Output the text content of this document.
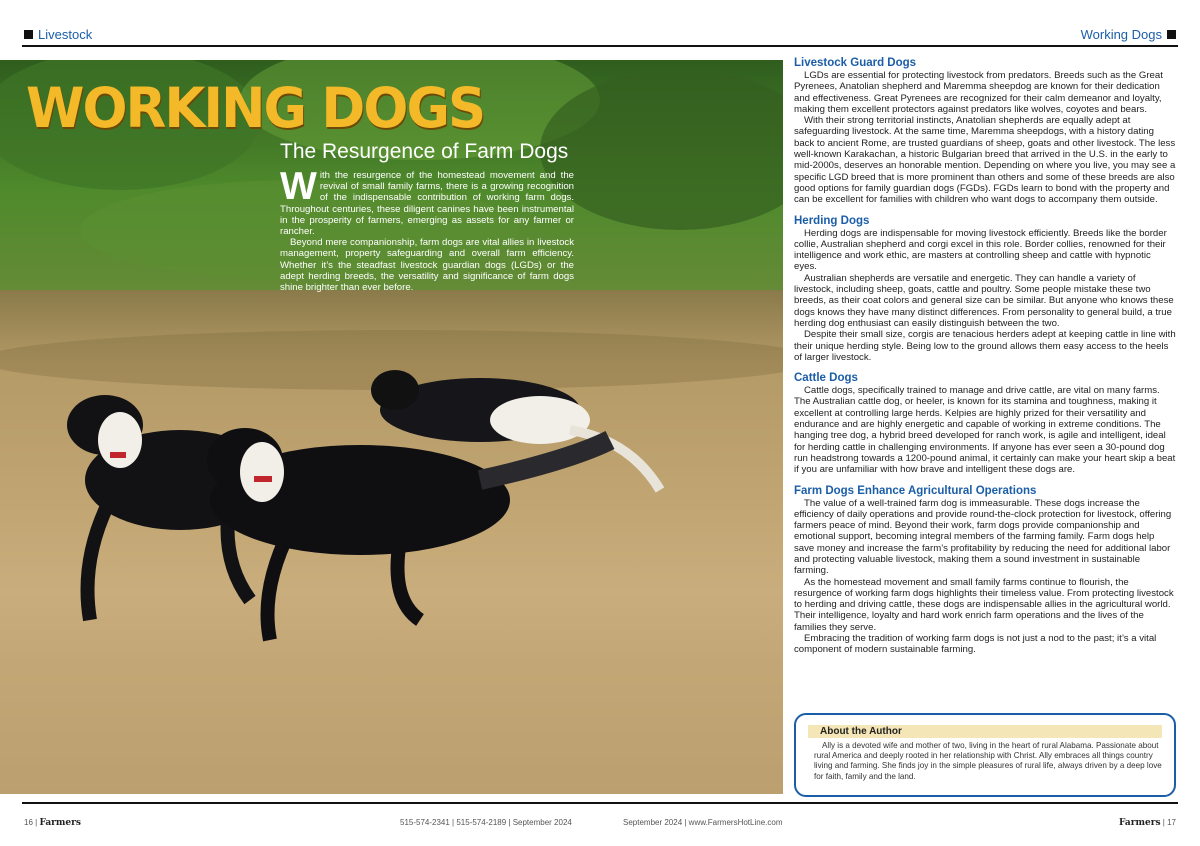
Livestock	Working Dogs
WORKING DOGS
The Resurgence of Farm Dogs

With the resurgence of the homestead movement and the revival of small family farms, there is a growing recognition of the indispensable contribution of working farm dogs. Throughout centuries, these diligent canines have been instrumental in the prosperity of farmers, emerging as assets for any farmer or rancher.

Beyond mere companionship, farm dogs are vital allies in livestock management, property safeguarding and overall farm efficiency. Whether it’s the steadfast livestock guardian dogs (LGDs) or the adept herding breeds, the versatility and significance of farm dogs shine brighter than ever before.

Livestock Guard Dogs

LGDs are essential for protecting livestock from predators. Breeds such as the Great Pyrenees, Anatolian shepherd and Maremma sheepdog are known for their dedication and effectiveness. Great Pyrenees are recognized for their calm demeanor and loyalty, making them excellent protectors against predators like wolves, coyotes and bears.

With their strong territorial instincts, Anatolian shepherds are equally adept at safeguarding livestock. At the same time, Maremma sheepdogs, with a history dating back to ancient Rome, are trusted guardians of sheep, goats and other livestock. The less well-known Karakachan, a historic Bulgarian breed that arrived in the U.S. in the early to mid-2000s, deserves an honorable mention. Depending on where you live, you may see a specific LGD breed that is more prominent than others and some of these breeds are also good options for family guardian dogs (FGDs). FGDs learn to bond with the property and can be excellent for families with children who want dogs to accompany them outside.

Herding Dogs

Herding dogs are indispensable for moving livestock efficiently. Breeds like the border collie, Australian shepherd and corgi excel in this role. Border collies, renowned for their intelligence and work ethic, are masters at controlling sheep and cattle with hypnotic eyes.

Australian shepherds are versatile and energetic. They can handle a variety of livestock, including sheep, goats, cattle and poultry. Some people mistake these two breeds, as their coat colors and general size can be similar. But anyone who knows these dogs knows they have many distinct differences. From personality to general build, a true herding dog enthusiast can easily distinguish between the two.

Despite their small size, corgis are tenacious herders adept at keeping cattle in line with their unique herding style. Being low to the ground allows them easy access to the heels of larger livestock.

Cattle Dogs

Cattle dogs, specifically trained to manage and drive cattle, are vital on many farms. The Australian cattle dog, or heeler, is known for its stamina and toughness, making it excellent at controlling large herds. Kelpies are highly prized for their versatility and endurance and are highly energetic and capable of working in extreme conditions. The hanging tree dog, a hybrid breed developed for ranch work, is agile and intelligent, ideal for herding cattle in challenging environments. If anyone has ever seen a 30-pound dog run headstrong towards a 1200-pound animal, it certainly can make your heart skip a beat if you are unfamiliar with how brave and intelligent these dogs are.

Farm Dogs Enhance Agricultural Operations

The value of a well-trained farm dog is immeasurable. These dogs increase the efficiency of daily operations and provide round-the-clock protection for livestock, offering farmers peace of mind. Beyond their work, farm dogs provide companionship and emotional support, becoming integral members of the farming family. Farm dogs help save money and increase the farm’s profitability by reducing the need for additional labor and protecting valuable livestock, making them a sound investment in sustainable farming.

As the homestead movement and small family farms continue to flourish, the resurgence of working farm dogs highlights their timeless value. From protecting livestock to herding and driving cattle, these dogs are indispensable allies in the agricultural world. Their intelligence, loyalty and hard work enrich farm operations and the lives of the families they serve.

Embracing the tradition of working farm dogs is not just a nod to the past; it’s a vital component of modern sustainable farming.

About the Author
Ally is a devoted wife and mother of two, living in the heart of rural Alabama. Passionate about rural America and deeply rooted in her relationship with Christ. Ally embraces all things country living and farming. She finds joy in the simple pleasures of rural life, always driven by a deep love for faith, family and the land.
16 | Farmers	515-574-2341 | 515-574-2189 | September 2024	September 2024 | www.FarmersHotLine.com	Farmers | 17
